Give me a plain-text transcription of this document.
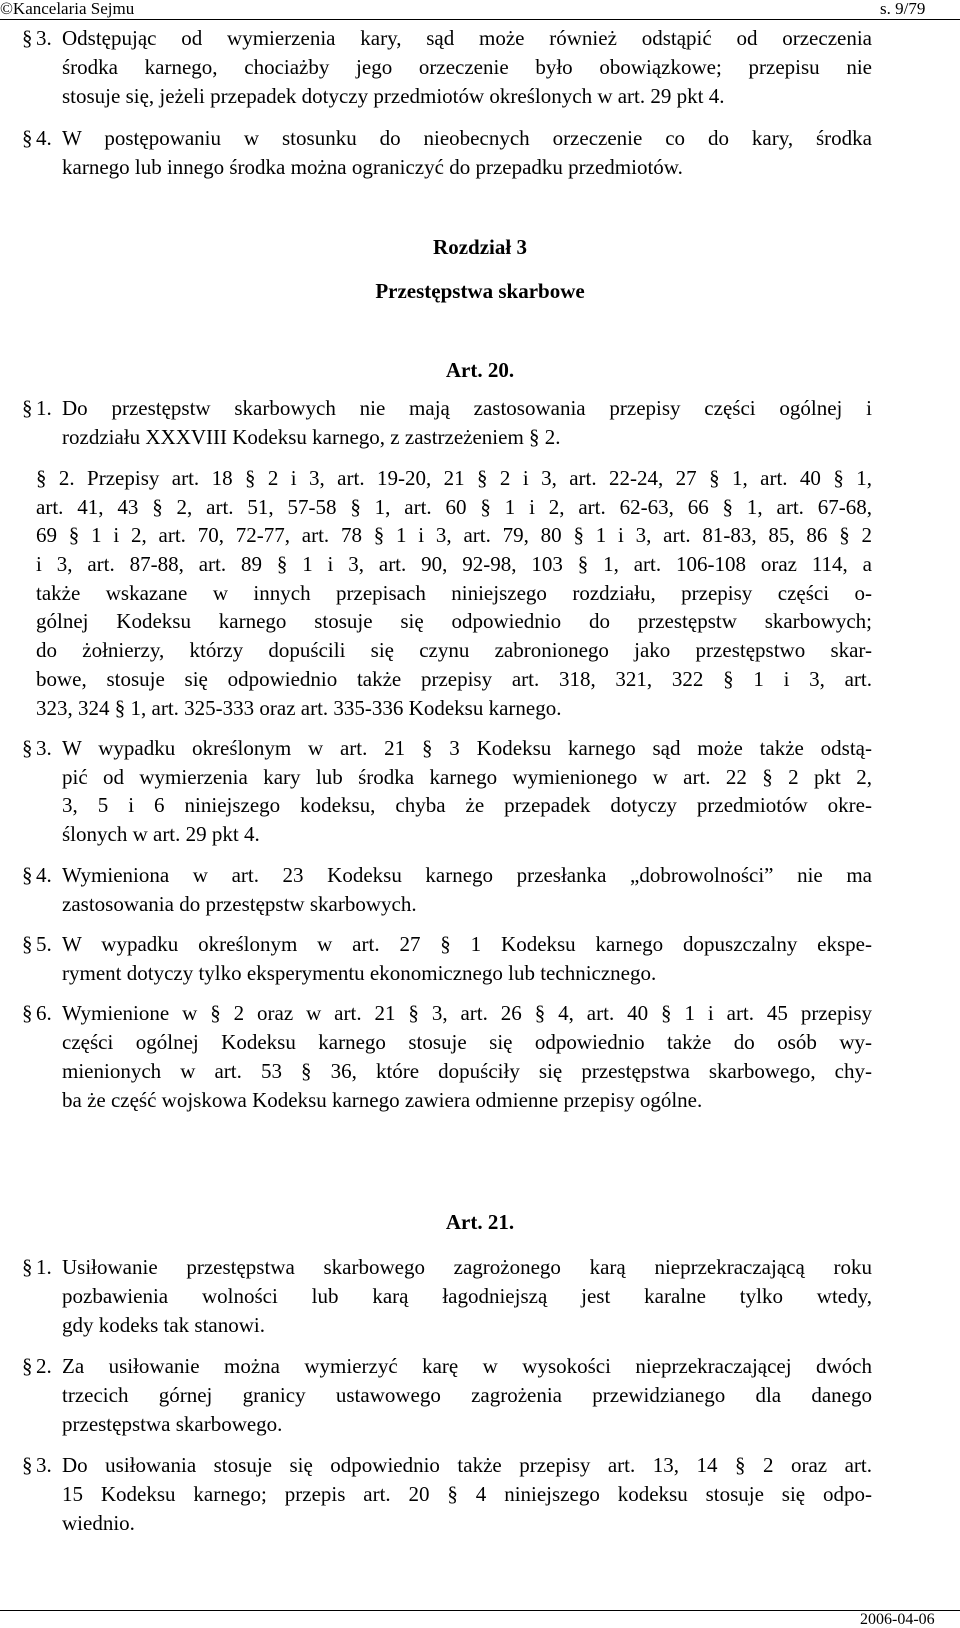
©Kancelaria Sejmu	s. 9/79
§ 3. Odstępując od wymierzenia kary, sąd może również odstąpić od orzeczenia
środka karnego, chociażby jego orzeczenie było obowiązkowe; przepisu nie
stosuje się, jeżeli przepadek dotyczy przedmiotów określonych w art. 29 pkt 4.
§ 4. W postępowaniu w stosunku do nieobecnych orzeczenie co do kary, środka
karnego lub innego środka można ograniczyć do przepadku przedmiotów.
Rozdział 3
Przestępstwa skarbowe
Art. 20.
§ 1. Do przestępstw skarbowych nie mają zastosowania przepisy części ogólnej i
rozdziału XXXVIII Kodeksu karnego, z zastrzeżeniem § 2.
§ 2. Przepisy art. 18 § 2 i 3, art. 19-20, 21 § 2 i 3, art. 22-24, 27 § 1, art. 40 § 1,
art. 41, 43 § 2, art. 51, 57-58 § 1, art. 60 § 1 i 2, art. 62-63, 66 § 1, art. 67-68,
69 § 1 i 2, art. 70, 72-77, art. 78 § 1 i 3, art. 79, 80 § 1 i 3, art. 81-83, 85, 86 § 2
i 3, art. 87-88, art. 89 § 1 i 3, art. 90, 92-98, 103 § 1, art. 106-108 oraz 114, a
także wskazane w innych przepisach niniejszego rozdziału, przepisy części o-
gólnej Kodeksu karnego stosuje się odpowiednio do przestępstw skarbowych;
do żołnierzy, którzy dopuścili się czynu zabronionego jako przestępstwo skar-
bowe, stosuje się odpowiednio także przepisy art. 318, 321, 322 § 1 i 3, art.
323, 324 § 1, art. 325-333 oraz art. 335-336 Kodeksu karnego.
§ 3. W wypadku określonym w art. 21 § 3 Kodeksu karnego sąd może także odstą-
pić od wymierzenia kary lub środka karnego wymienionego w art. 22 § 2 pkt 2,
3, 5 i 6 niniejszego kodeksu, chyba że przepadek dotyczy przedmiotów okre-
ślonych w art. 29 pkt 4.
§ 4. Wymieniona w art. 23 Kodeksu karnego przesłanka „dobrowolności” nie ma
zastosowania do przestępstw skarbowych.
§ 5. W wypadku określonym w art. 27 § 1 Kodeksu karnego dopuszczalny ekspe-
ryment dotyczy tylko eksperymentu ekonomicznego lub technicznego.
§ 6. Wymienione w § 2 oraz w art. 21 § 3, art. 26 § 4, art. 40 § 1 i art. 45 przepisy
części ogólnej Kodeksu karnego stosuje się odpowiednio także do osób wy-
mienionych w art. 53 § 36, które dopuściły się przestępstwa skarbowego, chy-
ba że część wojskowa Kodeksu karnego zawiera odmienne przepisy ogólne.
Art. 21.
§ 1. Usiłowanie przestępstwa skarbowego zagrożonego karą nieprzekraczającą roku
pozbawienia wolności lub karą łagodniejszą jest karalne tylko wtedy,
gdy kodeks tak stanowi.
§ 2. Za usiłowanie można wymierzyć karę w wysokości nieprzekraczającej dwóch
trzecich górnej granicy ustawowego zagrożenia przewidzianego dla danego
przestępstwa skarbowego.
§ 3. Do usiłowania stosuje się odpowiednio także przepisy art. 13, 14 § 2 oraz art.
15 Kodeksu karnego; przepis art. 20 § 4 niniejszego kodeksu stosuje się odpo-
wiednio.
2006-04-06
